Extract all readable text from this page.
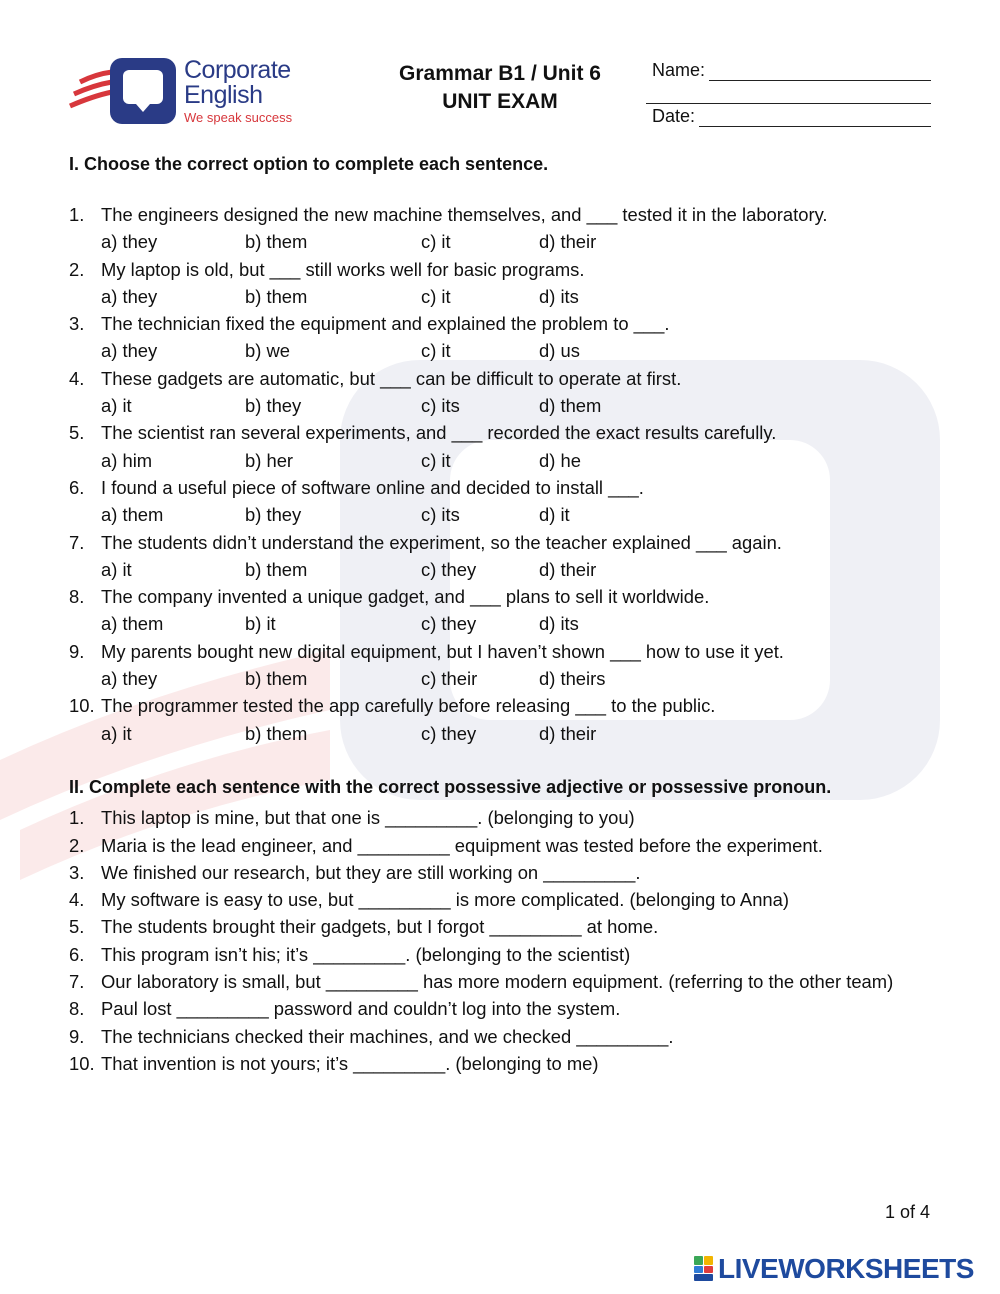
Corporate
English
We speak success
Grammar B1 / Unit 6
UNIT EXAM
Name:
Date:
I. Choose the correct option to complete each sentence.
1. The engineers designed the new machine themselves, and ___ tested it in the laboratory.
a) they	b) them	c) it	d) their
2. My laptop is old, but ___ still works well for basic programs.
a) they	b) them	c) it	d) its
3. The technician fixed the equipment and explained the problem to ___.
a) they	b) we	c) it	d) us
4. These gadgets are automatic, but ___ can be difficult to operate at first.
a) it	b) they	c) its	d) them
5. The scientist ran several experiments, and ___ recorded the exact results carefully.
a) him	b) her	c) it	d) he
6. I found a useful piece of software online and decided to install ___.
a) them	b) they	c) its	d) it
7. The students didn’t understand the experiment, so the teacher explained ___ again.
a) it	b) them	c) they	d) their
8. The company invented a unique gadget, and ___ plans to sell it worldwide.
a) them	b) it	c) they	d) its
9. My parents bought new digital equipment, but I haven’t shown ___ how to use it yet.
a) they	b) them	c) their	d) theirs
10. The programmer tested the app carefully before releasing ___ to the public.
a) it	b) them	c) they	d) their
II. Complete each sentence with the correct possessive adjective or possessive pronoun.
1. This laptop is mine, but that one is _________. (belonging to you)
2. Maria is the lead engineer, and _________ equipment was tested before the experiment.
3. We finished our research, but they are still working on _________.
4. My software is easy to use, but _________ is more complicated. (belonging to Anna)
5. The students brought their gadgets, but I forgot _________ at home.
6. This program isn’t his; it’s _________. (belonging to the scientist)
7. Our laboratory is small, but _________ has more modern equipment. (referring to the other team)
8. Paul lost _________ password and couldn’t log into the system.
9. The technicians checked their machines, and we checked _________.
10. That invention is not yours; it’s _________. (belonging to me)
1 of 4
LIVEWORKSHEETS
